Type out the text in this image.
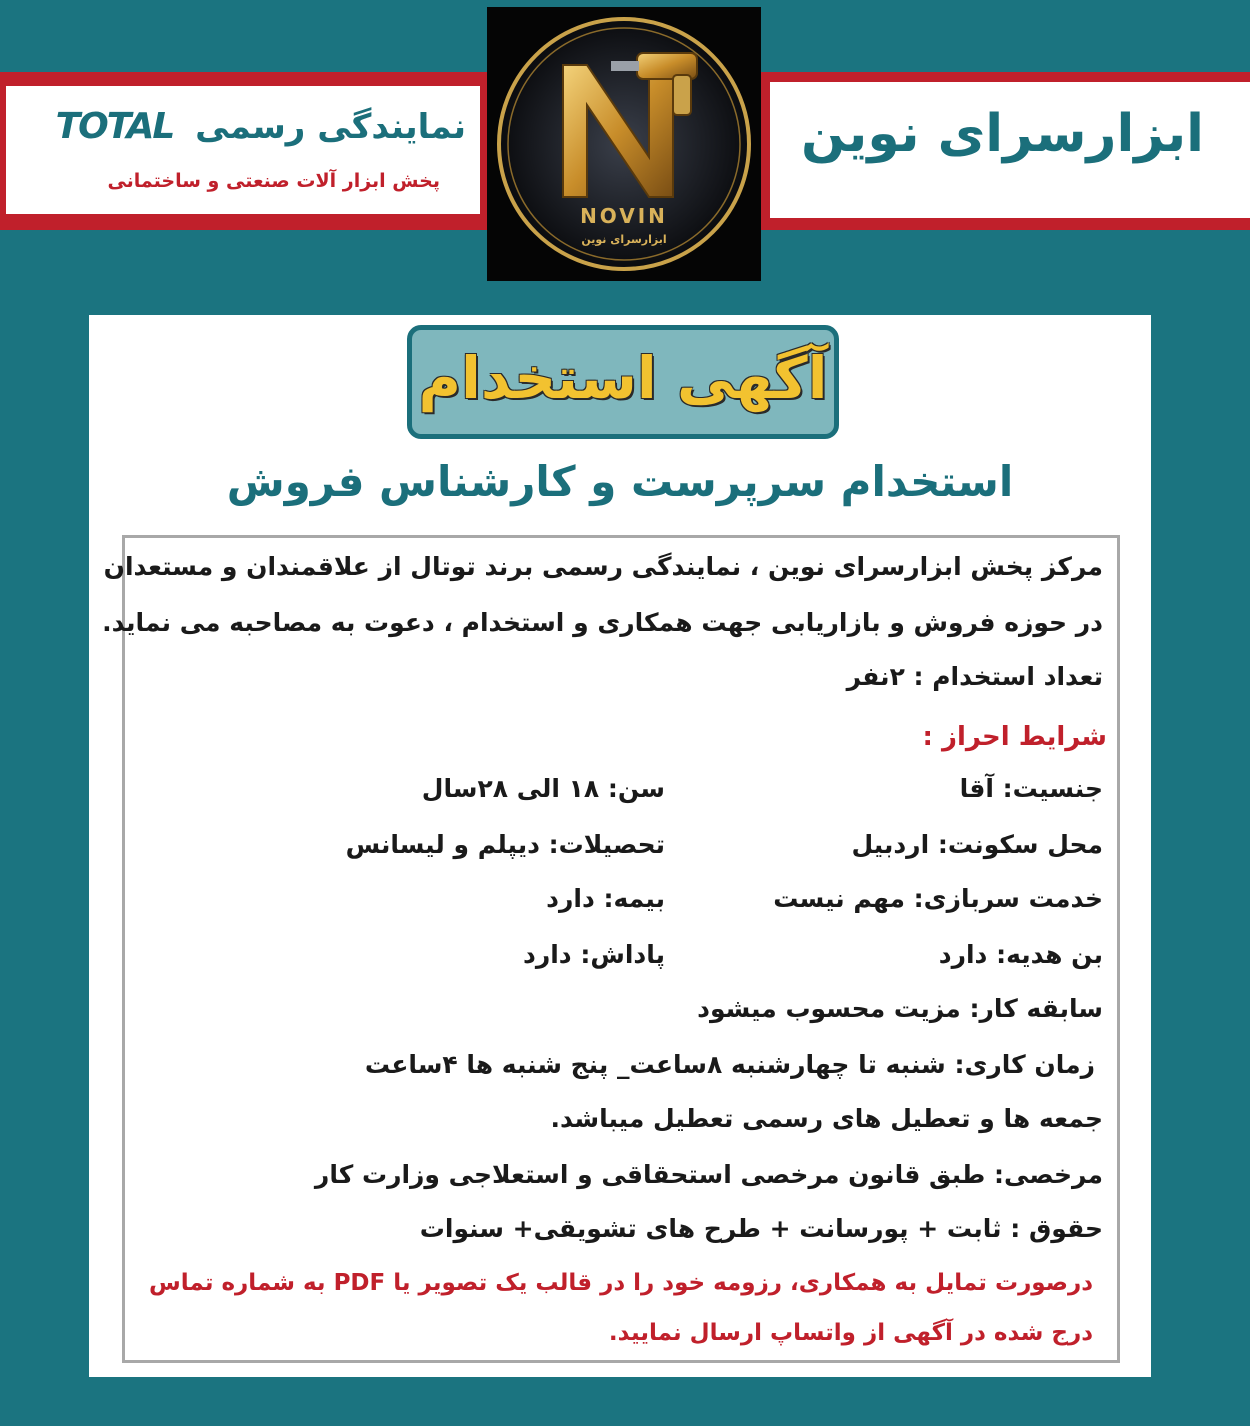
ابزارسرای نوین
نمایندگی رسمی TOTAL
پخش ابزار آلات صنعتی و ساختمانی
NOVIN
ابزارسرای نوین
آگهی استخدام
استخدام سرپرست و کارشناس فروش
مرکز پخش ابزارسرای نوین ، نمایندگی رسمی برند توتال از علاقمندان و مستعدان
در حوزه فروش و بازاریابی جهت همکاری و استخدام ، دعوت به مصاحبه می نماید.
تعداد استخدام : ۲نفر
شرایط احراز :
جنسیت: آقا
سن: ۱۸ الی ۲۸سال
محل سکونت: اردبیل
تحصیلات: دیپلم و لیسانس
خدمت سربازی: مهم نیست
بیمه: دارد
بن هدیه: دارد
پاداش: دارد
سابقه کار: مزیت محسوب میشود
زمان کاری: شنبه تا چهارشنبه ۸ساعت_ پنج شنبه ها ۴ساعت
جمعه ها و تعطیل های رسمی تعطیل میباشد.
مرخصی: طبق قانون مرخصی استحقاقی و استعلاجی وزارت کار
حقوق : ثابت + پورسانت + طرح های تشویقی+ سنوات
درصورت تمایل به همکاری، رزومه خود را در قالب یک تصویر یا PDF به شماره تماس
درج شده در آگهی از واتساپ ارسال نمایید.
